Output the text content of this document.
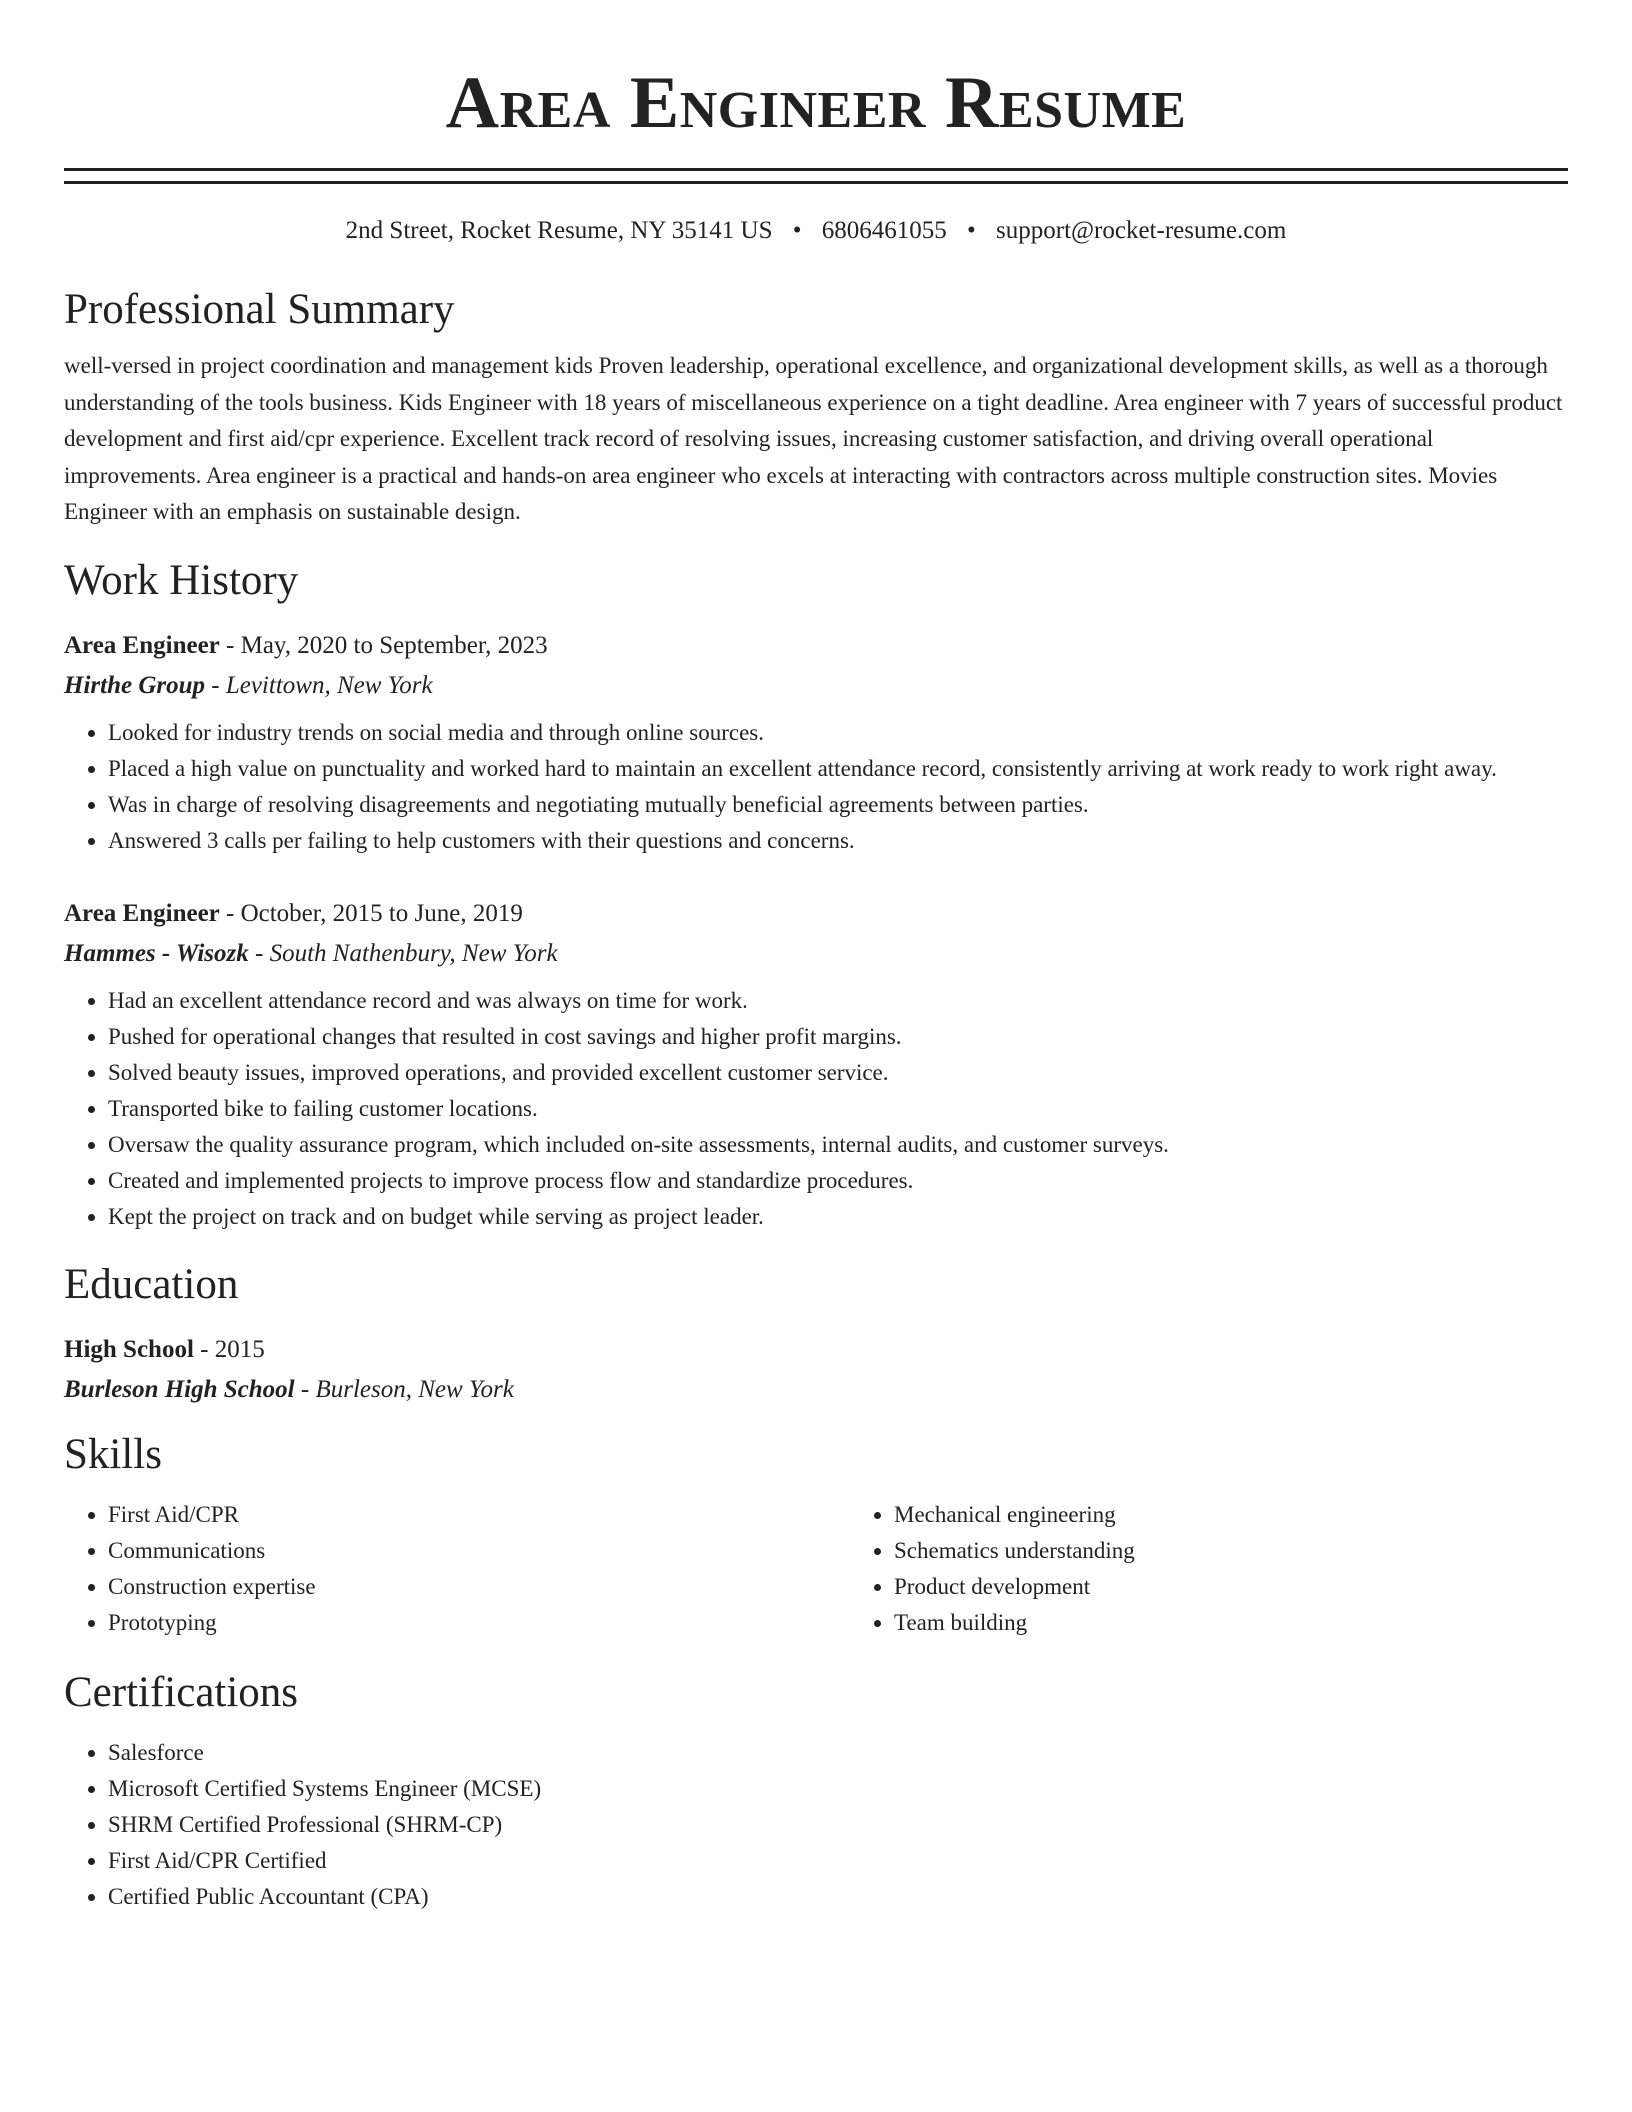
Area Engineer Resume
2nd Street, Rocket Resume, NY 35141 US • 6806461055 • support@rocket-resume.com
Professional Summary
well-versed in project coordination and management kids Proven leadership, operational excellence, and organizational development skills, as well as a thorough understanding of the tools business. Kids Engineer with 18 years of miscellaneous experience on a tight deadline. Area engineer with 7 years of successful product development and first aid/cpr experience. Excellent track record of resolving issues, increasing customer satisfaction, and driving overall operational improvements. Area engineer is a practical and hands-on area engineer who excels at interacting with contractors across multiple construction sites. Movies Engineer with an emphasis on sustainable design.
Work History
Area Engineer - May, 2020 to September, 2023
Hirthe Group - Levittown, New York
• Looked for industry trends on social media and through online sources.
• Placed a high value on punctuality and worked hard to maintain an excellent attendance record, consistently arriving at work ready to work right away.
• Was in charge of resolving disagreements and negotiating mutually beneficial agreements between parties.
• Answered 3 calls per failing to help customers with their questions and concerns.
Area Engineer - October, 2015 to June, 2019
Hammes - Wisozk - South Nathenbury, New York
• Had an excellent attendance record and was always on time for work.
• Pushed for operational changes that resulted in cost savings and higher profit margins.
• Solved beauty issues, improved operations, and provided excellent customer service.
• Transported bike to failing customer locations.
• Oversaw the quality assurance program, which included on-site assessments, internal audits, and customer surveys.
• Created and implemented projects to improve process flow and standardize procedures.
• Kept the project on track and on budget while serving as project leader.
Education
High School - 2015
Burleson High School - Burleson, New York
Skills
• First Aid/CPR
• Communications
• Construction expertise
• Prototyping
• Mechanical engineering
• Schematics understanding
• Product development
• Team building
Certifications
• Salesforce
• Microsoft Certified Systems Engineer (MCSE)
• SHRM Certified Professional (SHRM-CP)
• First Aid/CPR Certified
• Certified Public Accountant (CPA)
